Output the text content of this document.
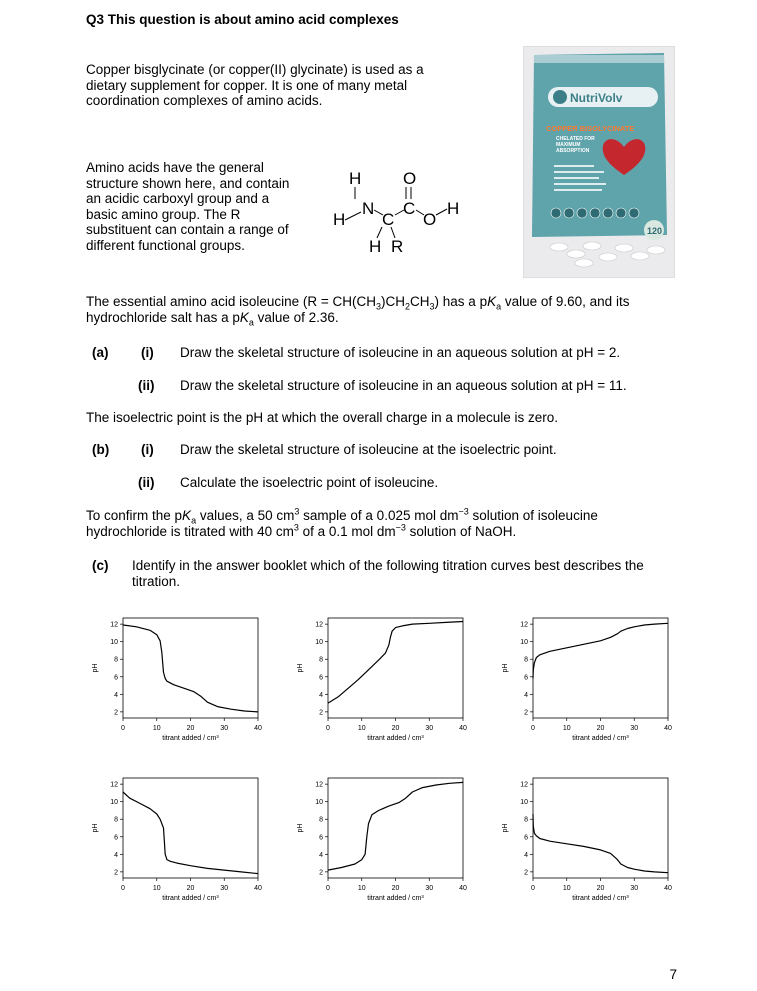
Q3 This question is about amino acid complexes
Copper bisglycinate (or copper(II) glycinate) is used as a
dietary supplement for copper. It is one of many metal
coordination complexes of amino acids.
Amino acids have the general
structure shown here, and contain
an acidic carboxyl group and a
basic amino group. The R
substituent can contain a range of
different functional groups.
H O
N
C
C
O
H
H
H R
NutriVolv
COPPER BISGLYCINATE
CHELATED FOR
MAXIMUM
ABSORPTION
120
The essential amino acid isoleucine $(R = CH(CH_3)CH_2CH_3)$ has a $pK_a$ value of 9.60, and its
hydrochloride salt has a $pK_a$ value of 2.36.
(a) (i) Draw the skeletal structure of isoleucine in an aqueous solution at pH = 2.
(ii) Draw the skeletal structure of isoleucine in an aqueous solution at pH = 11.
The isoelectric point is the pH at which the overall charge in a molecule is zero.
(b) (i) Draw the skeletal structure of isoleucine at the isoelectric point.
(ii) Calculate the isoelectric point of isoleucine.
To confirm the $pK_a$ values, a 50 $cm^3$ sample of a 0.025 mol $dm^{-3}$ solution of isoleucine
hydrochloride is titrated with 40 $cm^3$ of a 0.1 mol $dm^{-3}$ solution of NaOH.
(c) Identify in the answer booklet which of the following titration curves best describes the
titration.
0	10	20	30	40
2
4
6
8
10
12
titrant added / cm³
pH
0	10	20	30	40
2
4
6
8
10
12
titrant added / cm³
pH
0	10	20	30	40
2
4
6
8
10
12
titrant added / cm³
pH
0	10	20	30	40
2
4
6
8
10
12
titrant added / cm³
pH
0	10	20	30	40
2
4
6
8
10
12
titrant added / cm³
pH
0	10	20	30	40
2
4
6
8
10
12
titrant added / cm³
pH
7
